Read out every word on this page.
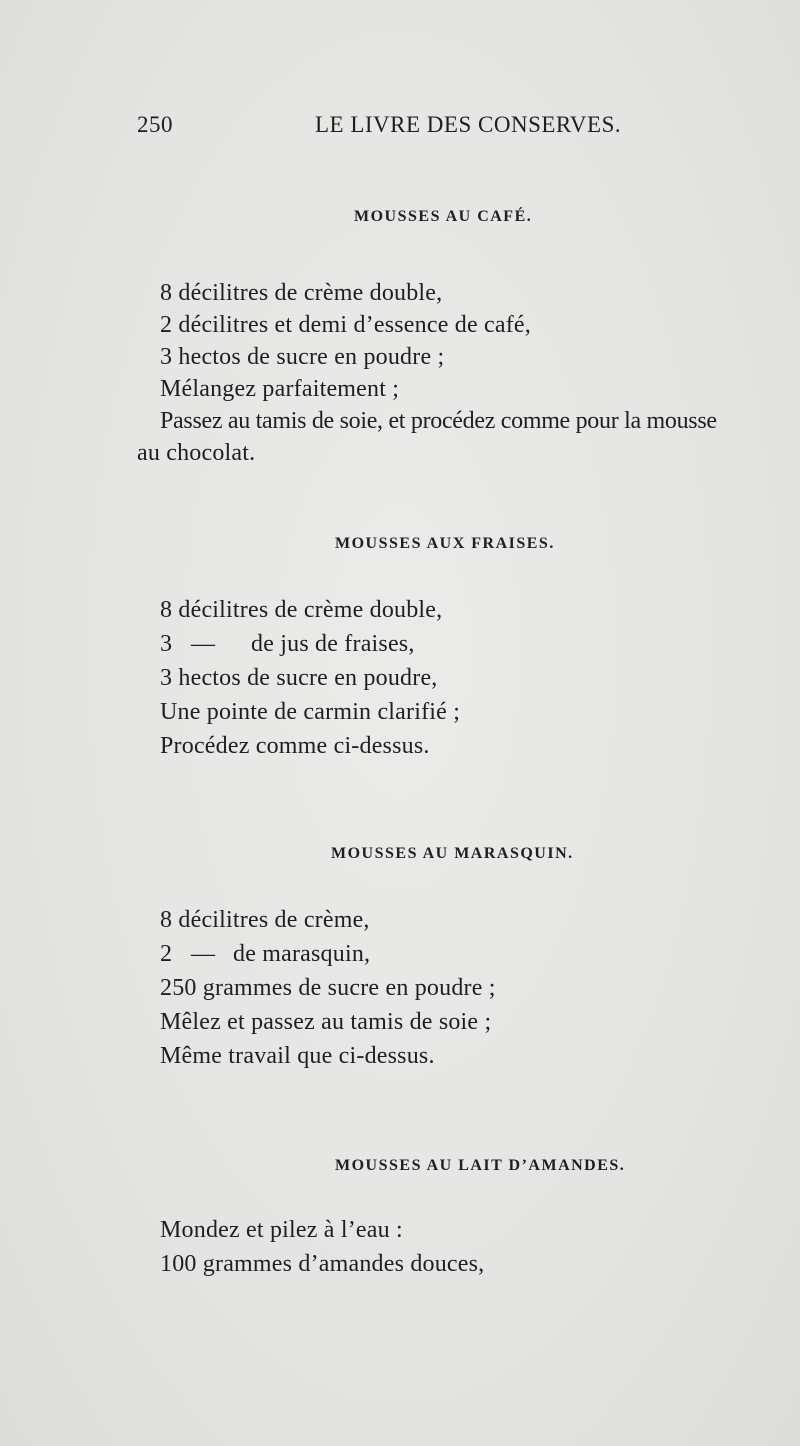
250	LE LIVRE DES CONSERVES.
MOUSSES AU CAFÉ.
8 décilitres de crème double,
2 décilitres et demi d’essence de café,
3 hectos de sucre en poudre ;
Mélangez parfaitement ;
Passez au tamis de soie, et procédez comme pour la mousse
au chocolat.
MOUSSES AUX FRAISES.
8 décilitres de crème double,
3 — de jus de fraises,
3 hectos de sucre en poudre,
Une pointe de carmin clarifié ;
Procédez comme ci-dessus.
MOUSSES AU MARASQUIN.
8 décilitres de crème,
2 — de marasquin,
250 grammes de sucre en poudre ;
Mêlez et passez au tamis de soie ;
Même travail que ci-dessus.
MOUSSES AU LAIT D’AMANDES.
Mondez et pilez à l’eau :
100 grammes d’amandes douces,
